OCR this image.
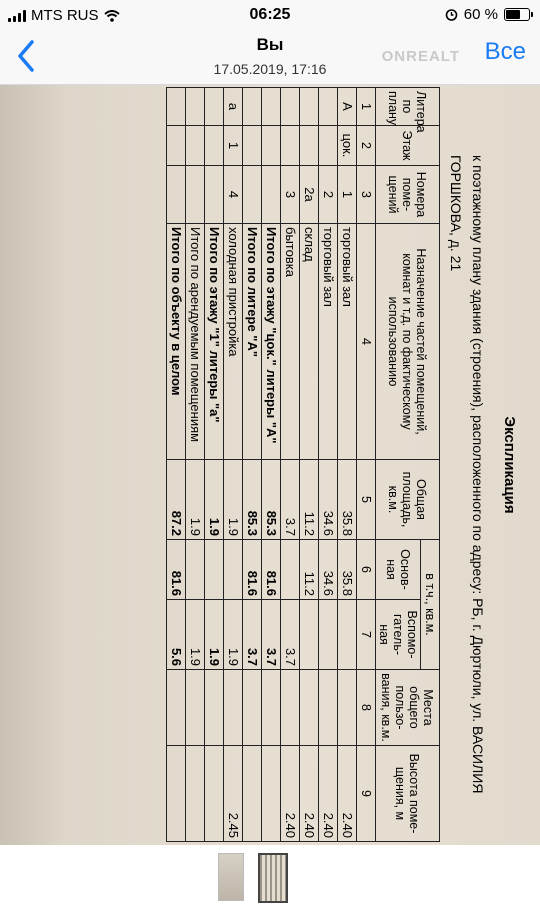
MTS RUS	06:25	60 %
Вы
17.05.2019, 17:16
ONREALT Все
Экспликация
к поэтажному плану здания (строения), расположенного по адресу: РБ, г. Дюртюли, ул. ВАСИЛИЯ
ГОРШКОВА, д. 21
Литера по плану	Этаж	Номера поме- щений	Назначение частей помещений, комнат и т.д. по фактическому использованию	Общая площадь, кв.м.	в т.ч., кв.м.		Места общего пользо- вания, кв.м.	Высота поме- щения, м
					Основ- ная	Вспомо- гатель- ная		
1	2	3	4	5	6	7	8	9
А	цок.	1	торговый зал	35.8	35.8			2.40
		2	торговый зал	34.6	34.6			2.40
		2а	склад	11.2	11.2			2.40
		3	бытовка	3.7		3.7		2.40
			Итого по этажу "цок." литеры "А"	85.3	81.6	3.7		
			Итого по литере "А"	85.3	81.6	3.7		
а	1	4	холодная пристройка	1.9		1.9		2.45
			Итого по этажу "1" литеры "а"	1.9		1.9		
			Итого по арендуемым помещениям	1.9		1.9		
			Итого по объекту в целом	87.2	81.6	5.6		
